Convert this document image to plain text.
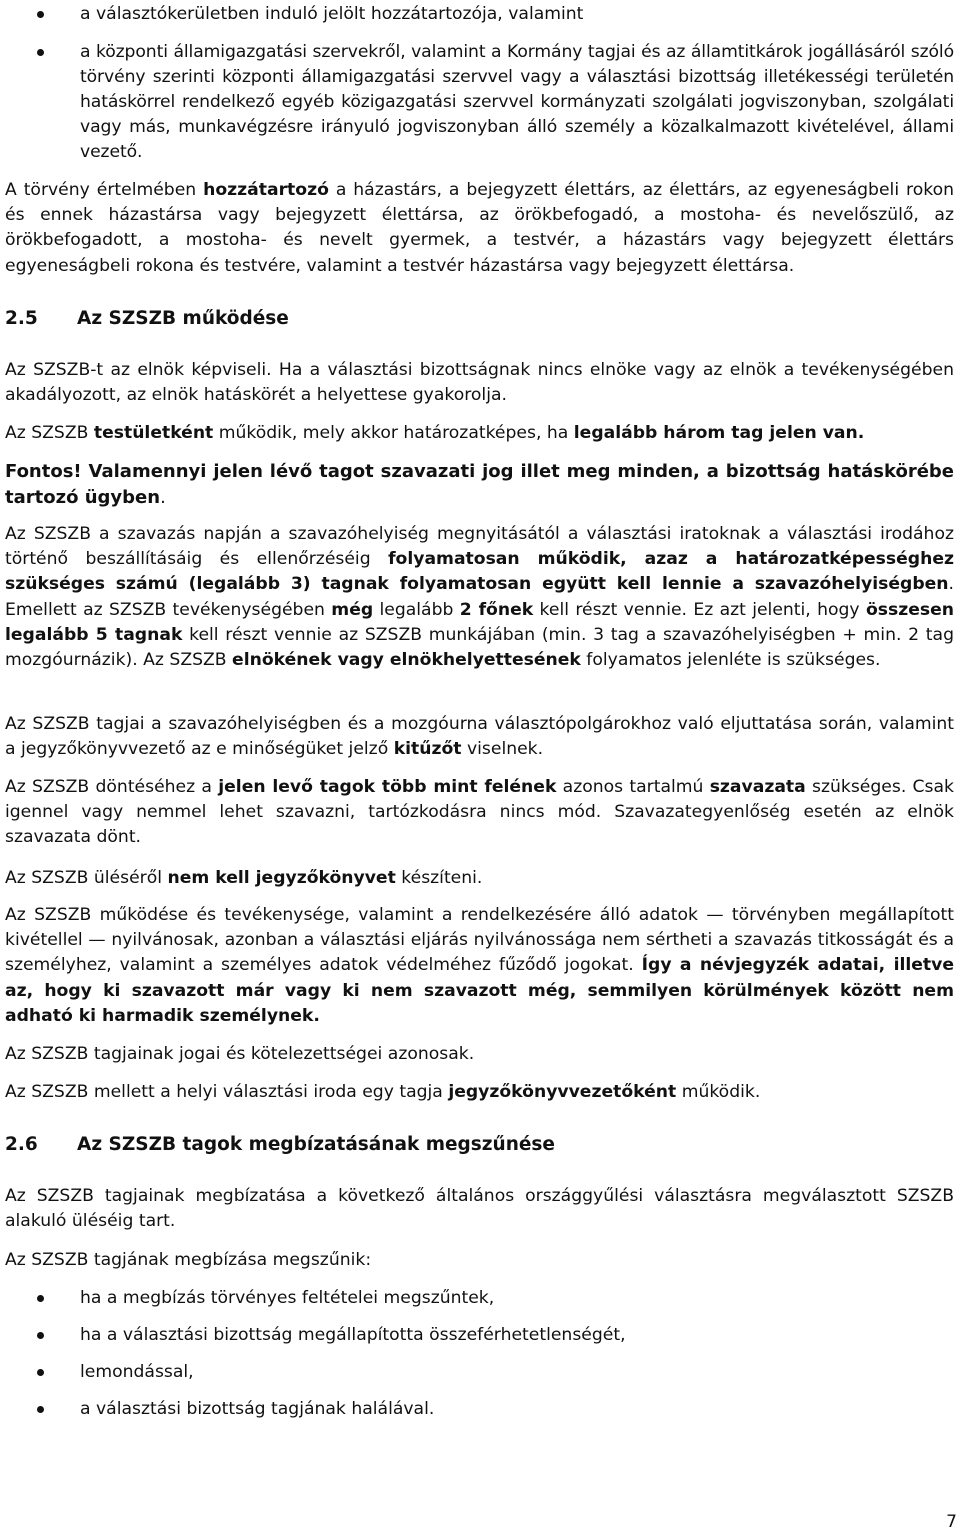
a választókerületben induló jelölt hozzátartozója, valamint
a központi államigazgatási szervekről, valamint a Kormány tagjai és az államtitkárok jogállásáról szóló törvény szerinti központi államigazgatási szervvel vagy a választási bizottság illetékességi területén hatáskörrel rendelkező egyéb közigazgatási szervvel kormányzati szolgálati jogviszonyban, szolgálati vagy más, munkavégzésre irányuló jogviszonyban álló személy a közalkalmazott kivételével, állami vezető.

A törvény értelmében hozzátartozó a házastárs, a bejegyzett élettárs, az élettárs, az egyeneságbeli rokon és ennek házastársa vagy bejegyzett élettársa, az örökbefogadó, a mostoha- és nevelőszülő, az örökbefogadott, a mostoha- és nevelt gyermek, a testvér, a házastárs vagy bejegyzett élettárs egyeneságbeli rokona és testvére, valamint a testvér házastársa vagy bejegyzett élettársa.

2.5 Az SZSZB működése

Az SZSZB-t az elnök képviseli. Ha a választási bizottságnak nincs elnöke vagy az elnök a tevékenységében akadályozott, az elnök hatáskörét a helyettese gyakorolja.

Az SZSZB testületként működik, mely akkor határozatképes, ha legalább három tag jelen van.

Fontos! Valamennyi jelen lévő tagot szavazati jog illet meg minden, a bizottság hatáskörébe tartozó ügyben.

Az SZSZB a szavazás napján a szavazóhelyiség megnyitásától a választási iratoknak a választási irodához történő beszállításáig és ellenőrzéséig folyamatosan működik, azaz a határozatképességhez szükséges számú (legalább 3) tagnak folyamatosan együtt kell lennie a szavazóhelyiségben. Emellett az SZSZB tevékenységében még legalább 2 főnek kell részt vennie. Ez azt jelenti, hogy összesen legalább 5 tagnak kell részt vennie az SZSZB munkájában (min. 3 tag a szavazóhelyiségben + min. 2 tag mozgóurnázik). Az SZSZB elnökének vagy elnökhelyettesének folyamatos jelenléte is szükséges.

Az SZSZB tagjai a szavazóhelyiségben és a mozgóurna választópolgárokhoz való eljuttatása során, valamint a jegyzőkönyvvezető az e minőségüket jelző kitűzőt viselnek.

Az SZSZB döntéséhez a jelen levő tagok több mint felének azonos tartalmú szavazata szükséges. Csak igennel vagy nemmel lehet szavazni, tartózkodásra nincs mód. Szavazategyenlőség esetén az elnök szavazata dönt.

Az SZSZB üléséről nem kell jegyzőkönyvet készíteni.

Az SZSZB működése és tevékenysége, valamint a rendelkezésére álló adatok — törvényben megállapított kivétellel — nyilvánosak, azonban a választási eljárás nyilvánossága nem sértheti a szavazás titkosságát és a személyhez, valamint a személyes adatok védelméhez fűződő jogokat. Így a névjegyzék adatai, illetve az, hogy ki szavazott már vagy ki nem szavazott még, semmilyen körülmények között nem adható ki harmadik személynek.

Az SZSZB tagjainak jogai és kötelezettségei azonosak.

Az SZSZB mellett a helyi választási iroda egy tagja jegyzőkönyvvezetőként működik.

2.6 Az SZSZB tagok megbízatásának megszűnése

Az SZSZB tagjainak megbízatása a következő általános országgyűlési választásra megválasztott SZSZB alakuló üléséig tart.

Az SZSZB tagjának megbízása megszűnik:

ha a megbízás törvényes feltételei megszűntek,
ha a választási bizottság megállapította összeférhetetlenségét,
lemondással,
a választási bizottság tagjának halálával.
7
